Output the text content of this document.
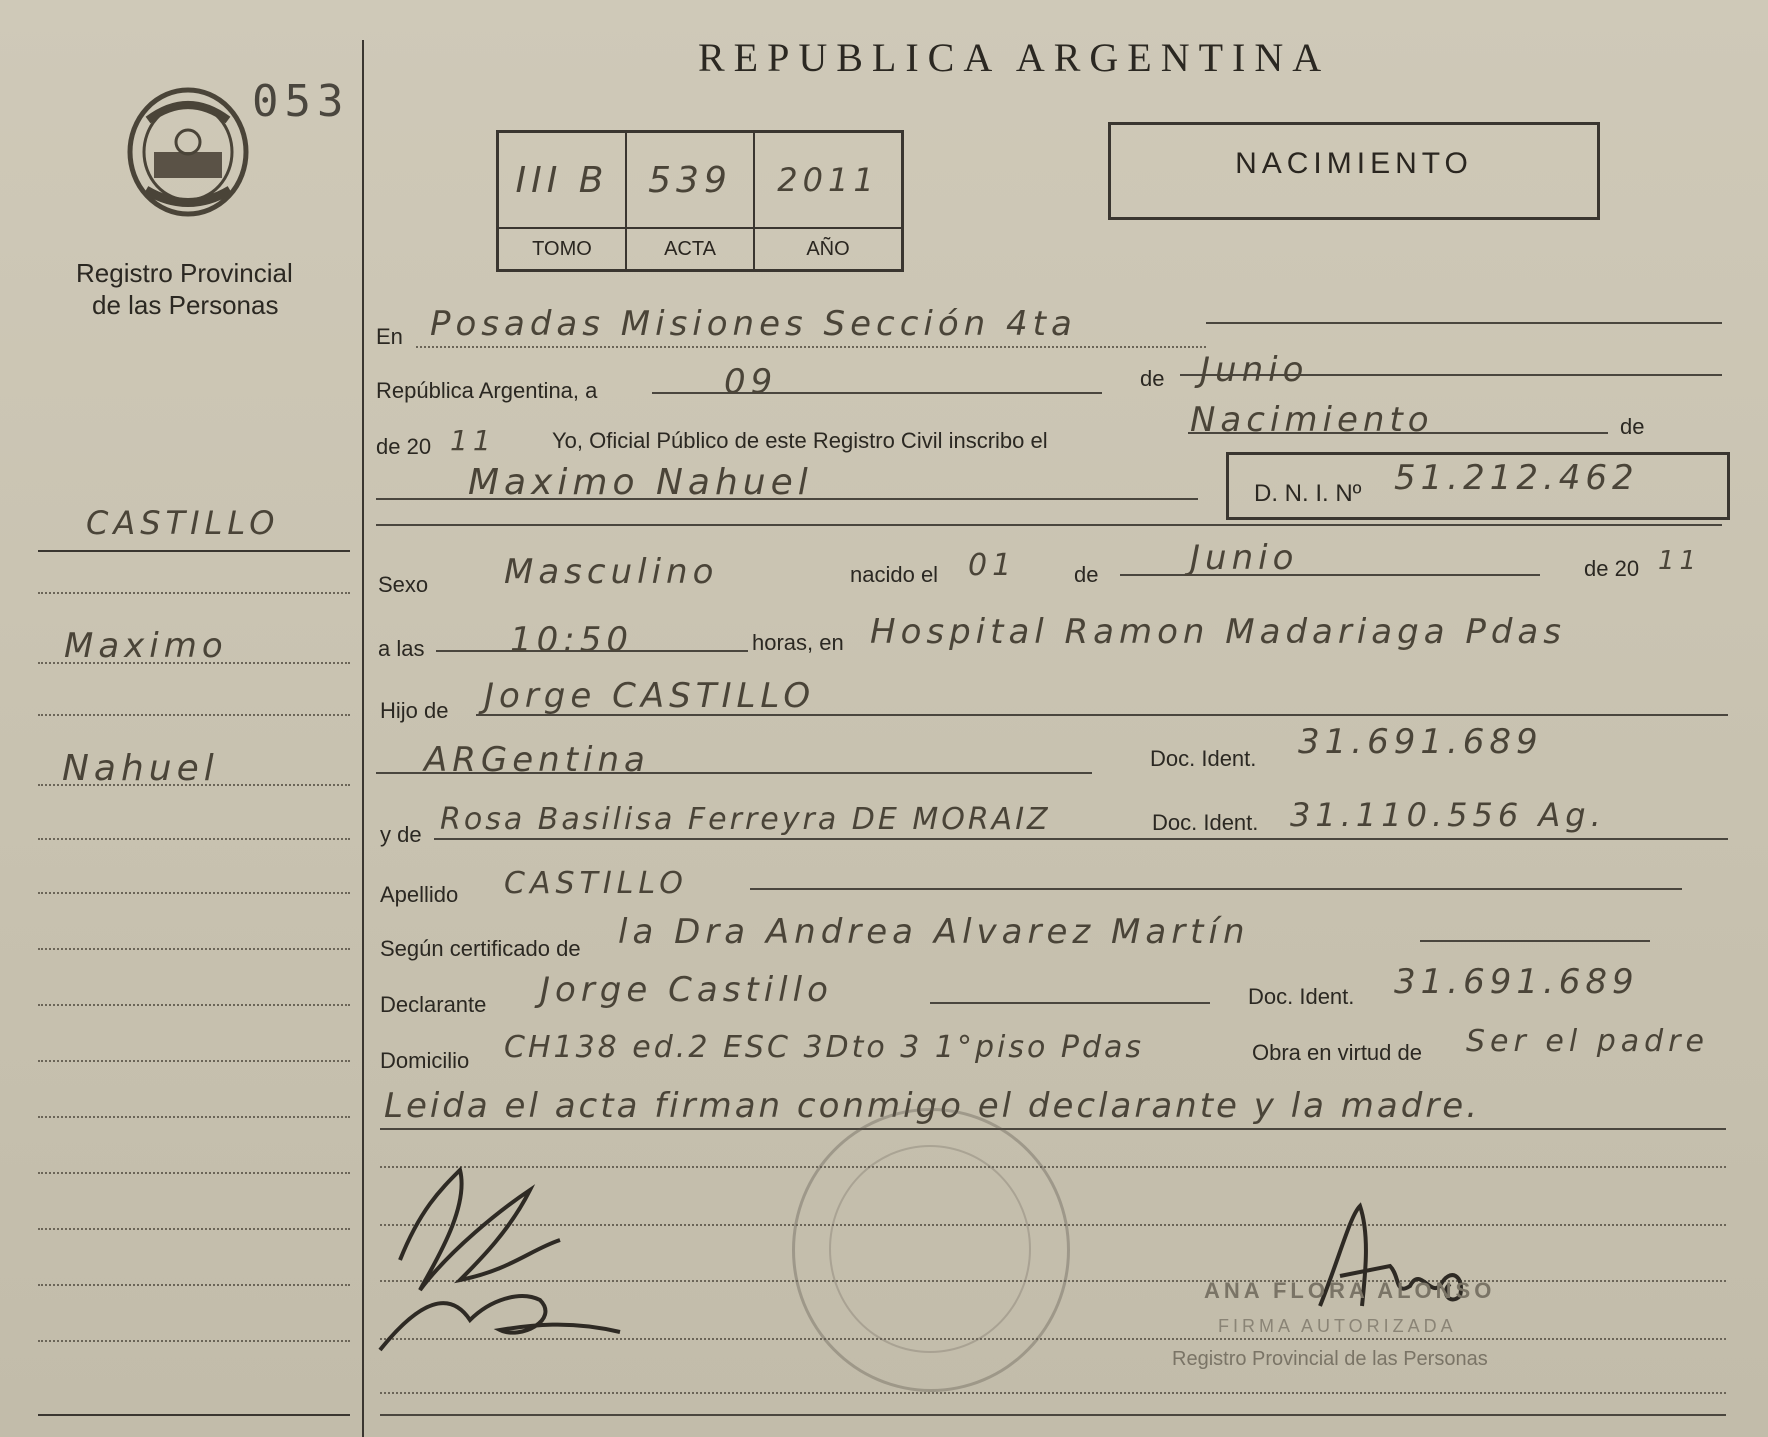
053
Registro Provincial
de las Personas
REPUBLICA ARGENTINA
III B	539	2011
TOMO	ACTA	AÑO
NACIMIENTO
CASTILLO
Maximo
Nahuel
En Posadas Misiones Sección 4ta
República Argentina, a	09	de Junio
de 20 11	Yo, Oficial Público de este Registro Civil inscribo el
Nacimiento	de
Maximo Nahuel	D. N. I. Nº 51.212.462
Sexo Masculino	nacido el 01	de	Junio	de 20 11
a las	10:50	horas, en Hospital Ramon Madariaga Pdas
Hijo de Jorge CASTILLO
ARGentina	Doc. Ident. 31.691.689
y de Rosa Basilisa Ferreyra DE MORAIZ	Doc. Ident. 31.110.556 Ag.
Apellido CASTILLO
Según certificado de la Dra Andrea Alvarez Martín
Declarante Jorge Castillo	Doc. Ident. 31.691.689
Domicilio CH138 ed.2 ESC 3Dto 3 1°piso Pdas	Obra en virtud de Ser el padre
Leida el acta firman conmigo el declarante y la madre.
ANA FLORA ALONSO
FIRMA AUTORIZADA
Registro Provincial de las Personas
